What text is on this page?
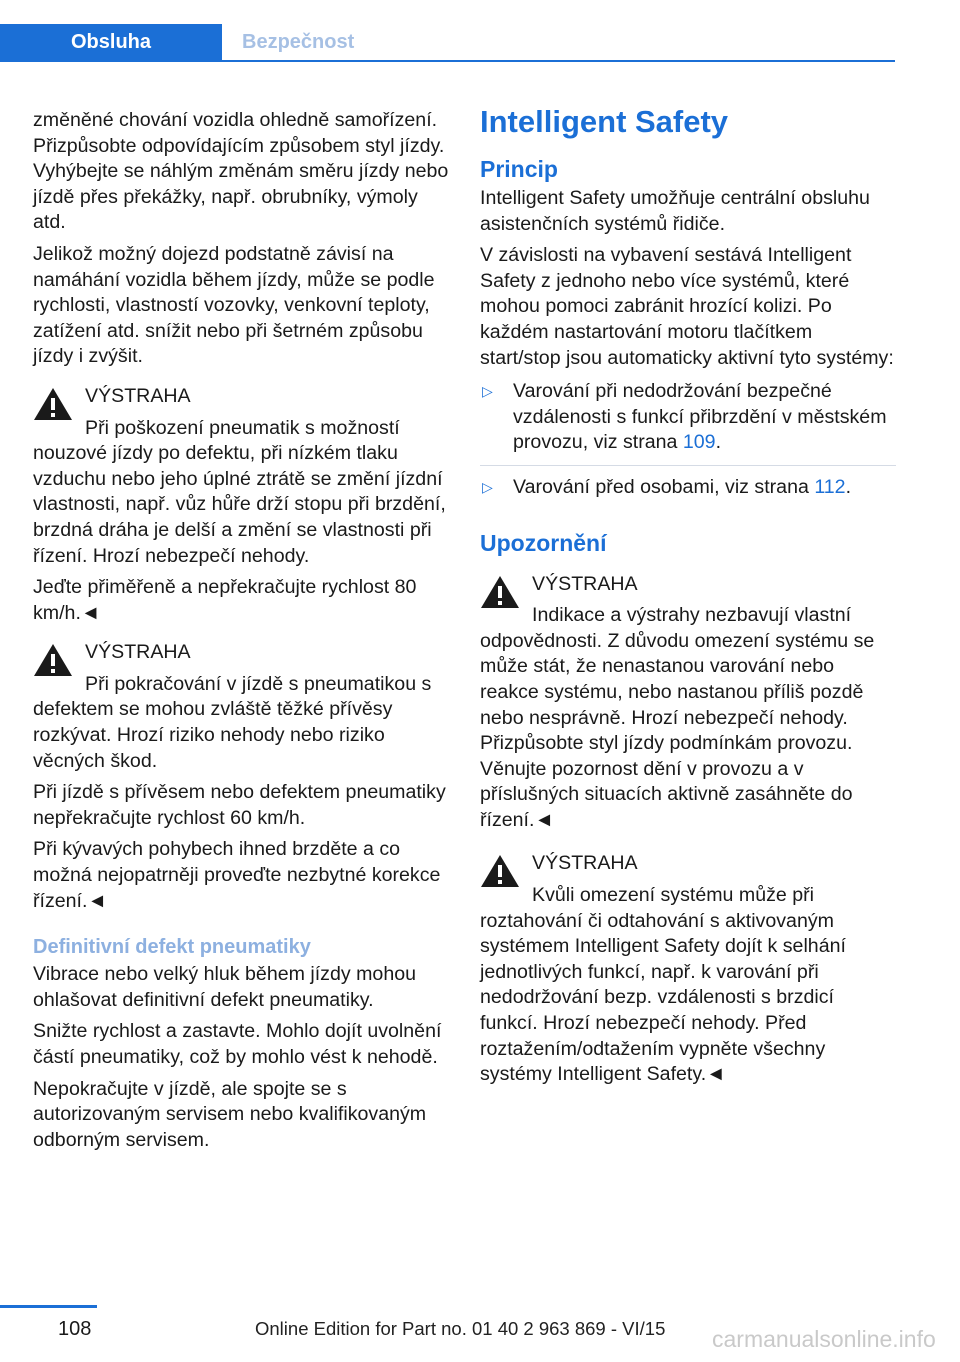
Obsluha	Bezpečnost

změněné chování vozidla ohledně samořízení. Přizpůsobte odpovídajícím způsobem styl jízdy. Vyhýbejte se náhlým změnám směru jízdy nebo jízdě přes překážky, např. obrubníky, výmoly atd.

Jelikož možný dojezd podstatně závisí na namáhání vozidla během jízdy, může se podle rychlosti, vlastností vozovky, venkovní teploty, zatížení atd. snížit nebo při šetrném způsobu jízdy i zvýšit.

VÝSTRAHA

Při poškození pneumatik s možností nouzové jízdy po defektu, při nízkém tlaku vzduchu nebo jeho úplné ztrátě se změní jízdní vlastnosti, např. vůz hůře drží stopu při brzdění, brzdná dráha je delší a změní se vlastnosti při řízení. Hrozí nebezpečí nehody.

Jeďte přiměřeně a nepřekračujte rychlost 80 km/h.◄

VÝSTRAHA

Při pokračování v jízdě s pneumatikou s defektem se mohou zvláště těžké přívěsy rozkývat. Hrozí riziko nehody nebo riziko věcných škod.

Při jízdě s přívěsem nebo defektem pneumatiky nepřekračujte rychlost 60 km/h.

Při kývavých pohybech ihned brzděte a co možná nejopatrněji proveďte nezbytné korekce řízení.◄

Definitivní defekt pneumatiky

Vibrace nebo velký hluk během jízdy mohou ohlašovat definitivní defekt pneumatiky.

Snižte rychlost a zastavte. Mohlo dojít uvolnění částí pneumatiky, což by mohlo vést k nehodě.

Nepokračujte v jízdě, ale spojte se s autorizovaným servisem nebo kvalifikovaným odborným servisem.

Intelligent Safety
Princip

Intelligent Safety umožňuje centrální obsluhu asistenčních systémů řidiče.

V závislosti na vybavení sestává Intelligent Safety z jednoho nebo více systémů, které mohou pomoci zabránit hrozící kolizi. Po každém nastartování motoru tlačítkem start/stop jsou automaticky aktivní tyto systémy:

▷ Varování při nedodržování bezpečné vzdálenosti s funkcí přibrzdění v městském provozu, viz strana 109.
▷ Varování před osobami, viz strana 112.
Upozornění

VÝSTRAHA

Indikace a výstrahy nezbavují vlastní odpovědnosti. Z důvodu omezení systému se může stát, že nenastanou varování nebo reakce systému, nebo nastanou příliš pozdě nebo nesprávně. Hrozí nebezpečí nehody. Přizpůsobte styl jízdy podmínkám provozu. Věnujte pozornost dění v provozu a v příslušných situacích aktivně zasáhněte do řízení.◄

VÝSTRAHA

Kvůli omezení systému může při roztahování či odtahování s aktivovaným systémem Intelligent Safety dojít k selhání jednotlivých funkcí, např. k varování při nedodržování bezp. vzdálenosti s brzdicí funkcí. Hrozí nebezpečí nehody. Před roztažením/odtažením vypněte všechny systémy Intelligent Safety.◄

108	Online Edition for Part no. 01 40 2 963 869 - VI/15 carmanualsonline.info
